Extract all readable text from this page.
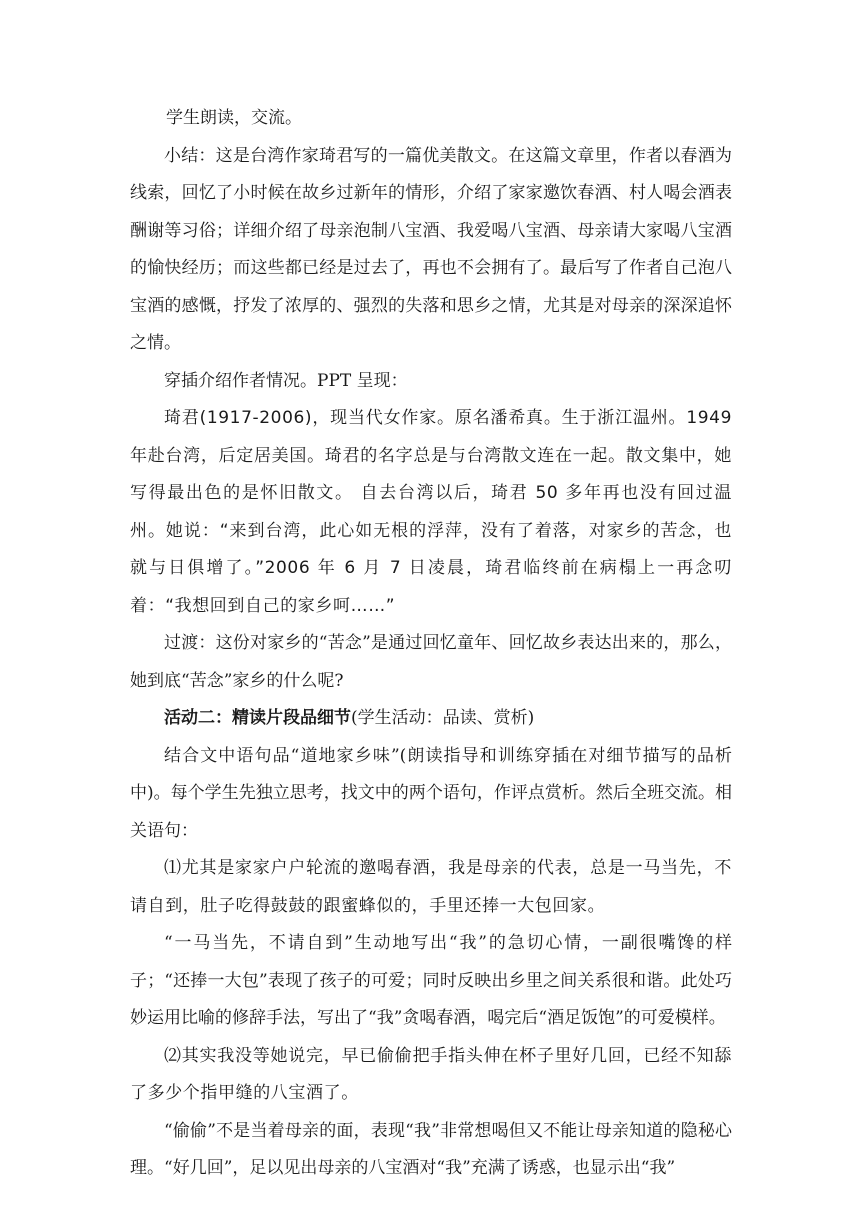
学生朗读，交流。

小结：这是台湾作家琦君写的一篇优美散文。在这篇文章里，作者以春酒为线索，回忆了小时候在故乡过新年的情形，介绍了家家邀饮春酒、村人喝会酒表酬谢等习俗；详细介绍了母亲泡制八宝酒、我爱喝八宝酒、母亲请大家喝八宝酒的愉快经历；而这些都已经是过去了，再也不会拥有了。最后写了作者自己泡八宝酒的感慨，抒发了浓厚的、强烈的失落和思乡之情，尤其是对母亲的深深追怀之情。

穿插介绍作者情况。PPT 呈现：

琦君(1917-2006)，现当代女作家。原名潘希真。生于浙江温州。1949 年赴台湾，后定居美国。琦君的名字总是与台湾散文连在一起。散文集中，她写得最出色的是怀旧散文。 自去台湾以后，琦君 50 多年再也没有回过温州。她说：“来到台湾，此心如无根的浮萍，没有了着落，对家乡的苦念，也就与日俱增了。”2006 年 6 月 7 日凌晨，琦君临终前在病榻上一再念叨着：“我想回到自己的家乡呵……”

过渡：这份对家乡的“苦念”是通过回忆童年、回忆故乡表达出来的，那么，她到底“苦念”家乡的什么呢?

活动二：精读片段品细节(学生活动：品读、赏析)

结合文中语句品“道地家乡味”(朗读指导和训练穿插在对细节描写的品析中)。每个学生先独立思考，找文中的两个语句，作评点赏析。然后全班交流。相关语句：

⑴尤其是家家户户轮流的邀喝春酒，我是母亲的代表，总是一马当先，不请自到，肚子吃得鼓鼓的跟蜜蜂似的，手里还捧一大包回家。

“一马当先，不请自到”生动地写出“我”的急切心情，一副很嘴馋的样子；“还捧一大包”表现了孩子的可爱；同时反映出乡里之间关系很和谐。此处巧妙运用比喻的修辞手法，写出了“我”贪喝春酒，喝完后“酒足饭饱”的可爱模样。

⑵其实我没等她说完，早已偷偷把手指头伸在杯子里好几回，已经不知舔了多少个指甲缝的八宝酒了。

“偷偷”不是当着母亲的面，表现“我”非常想喝但又不能让母亲知道的隐秘心理。“好几回”，足以见出母亲的八宝酒对“我”充满了诱惑，也显示出“我”
